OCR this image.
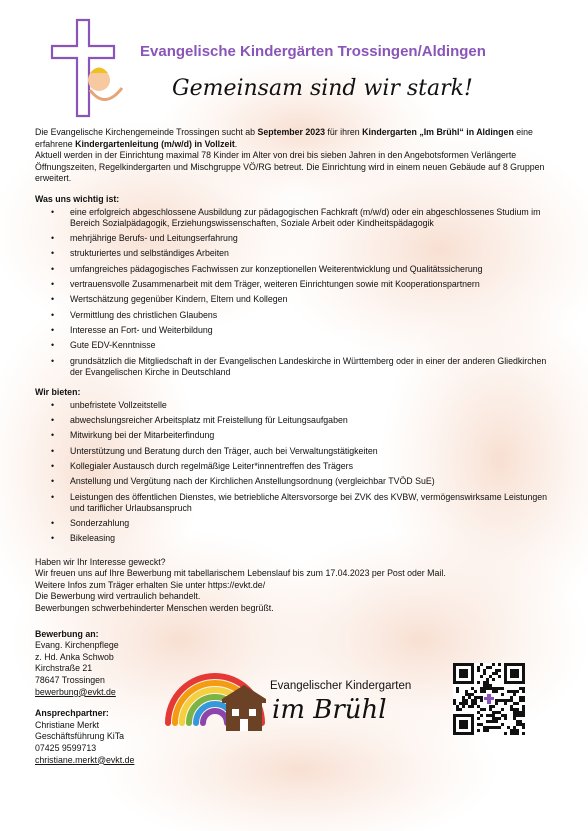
Evangelische Kindergärten Trossingen/Aldingen
Gemeinsam sind wir stark!

Die Evangelische Kirchengemeinde Trossingen sucht ab September 2023 für ihren Kindergarten „Im Brühl“ in Aldingen eine erfahrene Kindergartenleitung (m/w/d) in Vollzeit.

Aktuell werden in der Einrichtung maximal 78 Kinder im Alter von drei bis sieben Jahren in den Angebotsformen Verlängerte Öffnungszeiten, Regelkindergarten und Mischgruppe VÖ/RG betreut. Die Einrichtung wird in einem neuen Gebäude auf 8 Gruppen erweitert.

Was uns wichtig ist:

• eine erfolgreich abgeschlossene Ausbildung zur pädagogischen Fachkraft (m/w/d) oder ein abgeschlossenes Studium im Bereich Sozialpädagogik, Erziehungswissenschaften, Soziale Arbeit oder Kindheitspädagogik
• mehrjährige Berufs- und Leitungserfahrung
• strukturiertes und selbständiges Arbeiten
• umfangreiches pädagogisches Fachwissen zur konzeptionellen Weiterentwicklung und Qualitätssicherung
• vertrauensvolle Zusammenarbeit mit dem Träger, weiteren Einrichtungen sowie mit Kooperationspartnern
• Wertschätzung gegenüber Kindern, Eltern und Kollegen
• Vermittlung des christlichen Glaubens
• Interesse an Fort- und Weiterbildung
• Gute EDV-Kenntnisse
• grundsätzlich die Mitgliedschaft in der Evangelischen Landeskirche in Württemberg oder in einer der anderen Gliedkirchen der Evangelischen Kirche in Deutschland

Wir bieten:

• unbefristete Vollzeitstelle
• abwechslungsreicher Arbeitsplatz mit Freistellung für Leitungsaufgaben
• Mitwirkung bei der Mitarbeiterfindung
• Unterstützung und Beratung durch den Träger, auch bei Verwaltungstätigkeiten
• Kollegialer Austausch durch regelmäßige Leiter*innentreffen des Trägers
• Anstellung und Vergütung nach der Kirchlichen Anstellungsordnung (vergleichbar TVÖD SuE)
• Leistungen des öffentlichen Dienstes, wie betriebliche Altersvorsorge bei ZVK des KVBW, vermögenswirksame Leistungen und tariflicher Urlaubsanspruch
• Sonderzahlung
• Bikeleasing

Haben wir Ihr Interesse geweckt?

Wir freuen uns auf Ihre Bewerbung mit tabellarischem Lebenslauf bis zum 17.04.2023 per Post oder Mail.

Weitere Infos zum Träger erhalten Sie unter https://evkt.de/

Die Bewerbung wird vertraulich behandelt.

Bewerbungen schwerbehinderter Menschen werden begrüßt.

Bewerbung an:

Evang. Kirchenpflege

z. Hd. Anka Schwob

Kirchstraße 21

78647 Trossingen

bewerbung@evkt.de

Ansprechpartner:

Christiane Merkt

Geschäftsführung KiTa

07425 9599713

christiane.merkt@evkt.de

Evangelischer Kindergarten
im Brühl
